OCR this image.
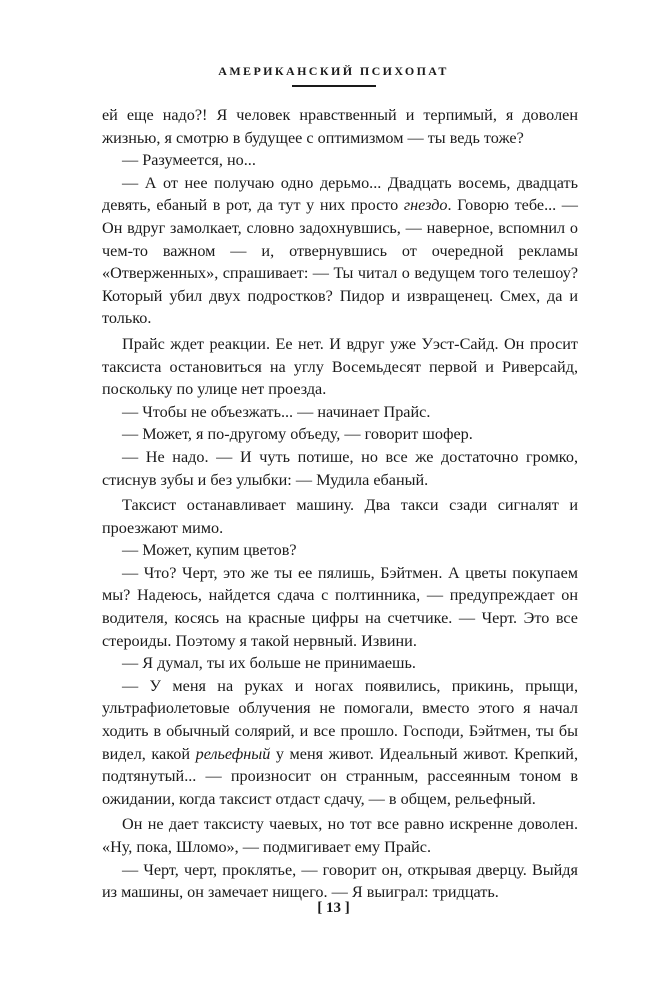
АМЕРИКАНСКИЙ ПСИХОПАТ

ей еще надо?! Я человек нравственный и терпимый, я доволен жизнью, я смотрю в будущее с оптимизмом — ты ведь тоже?

— Разумеется, но...

— А от нее получаю одно дерьмо... Двадцать восемь, двадцать девять, ебаный в рот, да тут у них просто гнездо. Говорю тебе... — Он вдруг замолкает, словно задохнувшись, — наверное, вспомнил о чем-то важном — и, отвернувшись от очередной рекламы «Отверженных», спрашивает: — Ты читал о ведущем того телешоу? Который убил двух подростков? Пидор и извращенец. Смех, да и только.

Прайс ждет реакции. Ее нет. И вдруг уже Уэст-Сайд. Он просит таксиста остановиться на углу Восемьдесят первой и Риверсайд, поскольку по улице нет проезда.

— Чтобы не объезжать... — начинает Прайс.

— Может, я по-другому объеду, — говорит шофер.

— Не надо. — И чуть потише, но все же достаточно громко, стиснув зубы и без улыбки: — Мудила ебаный.

Таксист останавливает машину. Два такси сзади сигналят и проезжают мимо.

— Может, купим цветов?

— Что? Черт, это же ты ее пялишь, Бэйтмен. А цветы покупаем мы? Надеюсь, найдется сдача с полтинника, — предупреждает он водителя, косясь на красные цифры на счетчике. — Черт. Это все стероиды. Поэтому я такой нервный. Извини.

— Я думал, ты их больше не принимаешь.

— У меня на руках и ногах появились, прикинь, прыщи, ультрафиолетовые облучения не помогали, вместо этого я начал ходить в обычный солярий, и все прошло. Господи, Бэйтмен, ты бы видел, какой рельефный у меня живот. Идеальный живот. Крепкий, подтянутый... — произносит он странным, рассеянным тоном в ожидании, когда таксист отдаст сдачу, — в общем, рельефный.

Он не дает таксисту чаевых, но тот все равно искренне доволен. «Ну, пока, Шломо», — подмигивает ему Прайс.

— Черт, черт, проклятье, — говорит он, открывая дверцу. Выйдя из машины, он замечает нищего. — Я выиграл: тридцать.

[ 13 ]
